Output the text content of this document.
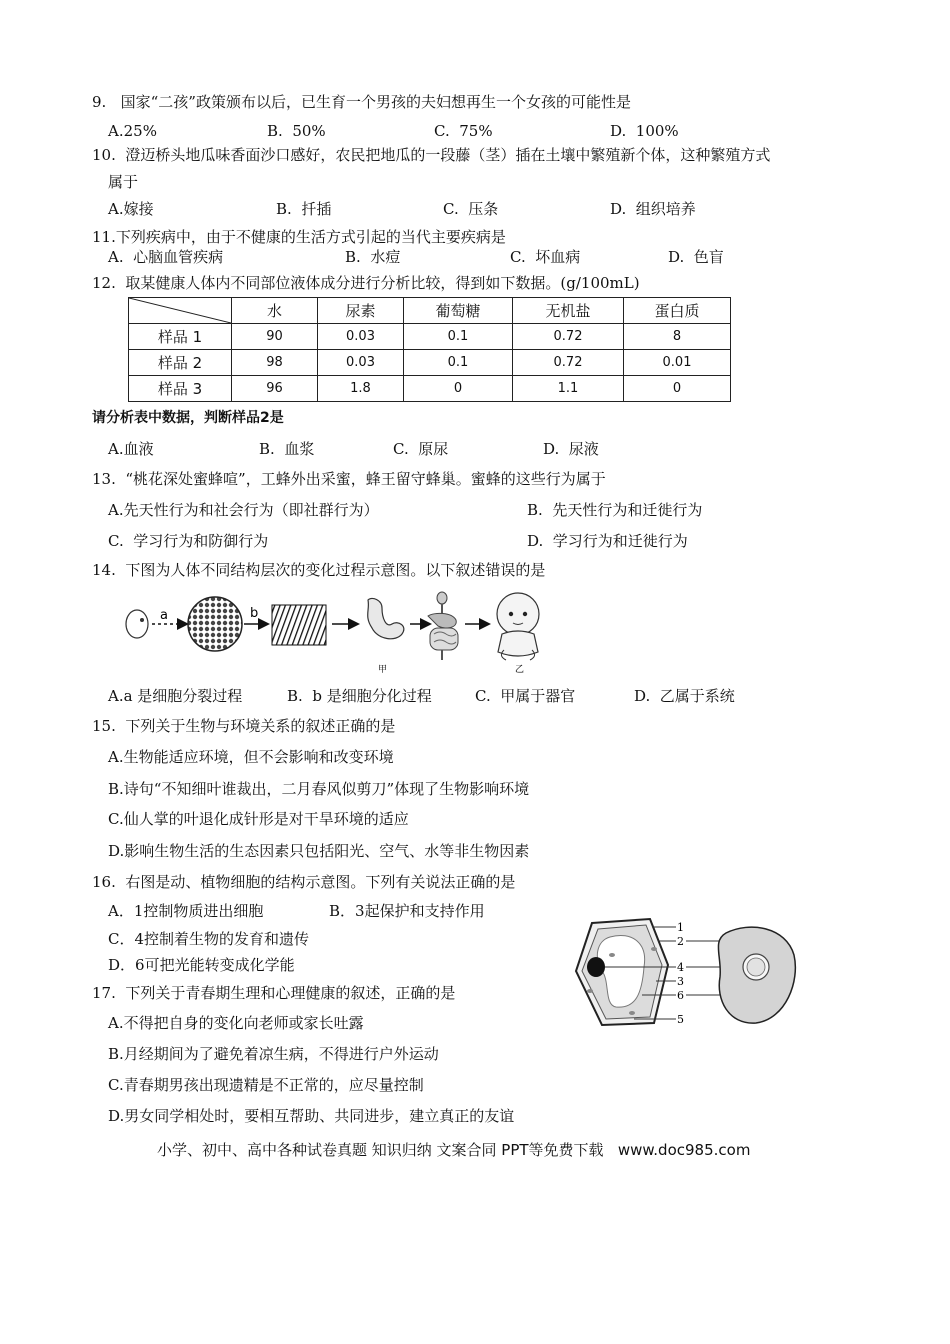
9.   国家“二孩”政策颁布以后，已生育一个男孩的夫妇想再生一个女孩的可能性是
A.25%	B.  50%	C.  75%	D.  100%
10.  澄迈桥头地瓜味香面沙口感好，农民把地瓜的一段藤（茎）插在土壤中繁殖新个体，这种繁殖方式
属于
A.嫁接	B.  扦插	C.  压条	D.  组织培养
11.下列疾病中，由于不健康的生活方式引起的当代主要疾病是
A.  心脑血管疾病	B.  水痘	C.  坏血病	D.  色盲
12.  取某健康人体内不同部位液体成分进行分析比较，得到如下数据。(g/100mL)
	水	尿素	葡萄糖	无机盐	蛋白质
样品 1	90	0.03	0.1	0.72	8
样品 2	98	0.03	0.1	0.72	0.01
样品 3	96	1.8	0	1.1	0
请分析表中数据，判断样品2是
A.血液	B.  血浆	C.  原尿	D.  尿液
13.  “桃花深处蜜蜂喧”，工蜂外出采蜜，蜂王留守蜂巢。蜜蜂的这些行为属于
A.先天性行为和社会行为（即社群行为）	B.  先天性行为和迁徙行为
C.  学习行为和防御行为	D.  学习行为和迁徙行为
14.  下图为人体不同结构层次的变化过程示意图。以下叙述错误的是
a	b
甲	乙
A.a 是细胞分裂过程	B.  b 是细胞分化过程	C.  甲属于器官	D.  乙属于系统
15.  下列关于生物与环境关系的叙述正确的是
A.生物能适应环境，但不会影响和改变环境
B.诗句“不知细叶谁裁出，二月春风似剪刀”体现了生物影响环境
C.仙人掌的叶退化成针形是对干旱环境的适应
D.影响生物生活的生态因素只包括阳光、空气、水等非生物因素
16.  右图是动、植物细胞的结构示意图。下列有关说法正确的是
A．1控制物质进出细胞	B．3起保护和支持作用
C．4控制着生物的发育和遗传
D．6可把光能转变成化学能
1
2
4
3
6
5
17.  下列关于青春期生理和心理健康的叙述，正确的是
A.不得把自身的变化向老师或家长吐露
B.月经期间为了避免着凉生病，不得进行户外运动
C.青春期男孩出现遗精是不正常的，应尽量控制
D.男女同学相处时，要相互帮助、共同进步，建立真正的友谊
小学、初中、高中各种试卷真题 知识归纳 文案合同 PPT等免费下载   www.doc985.com
